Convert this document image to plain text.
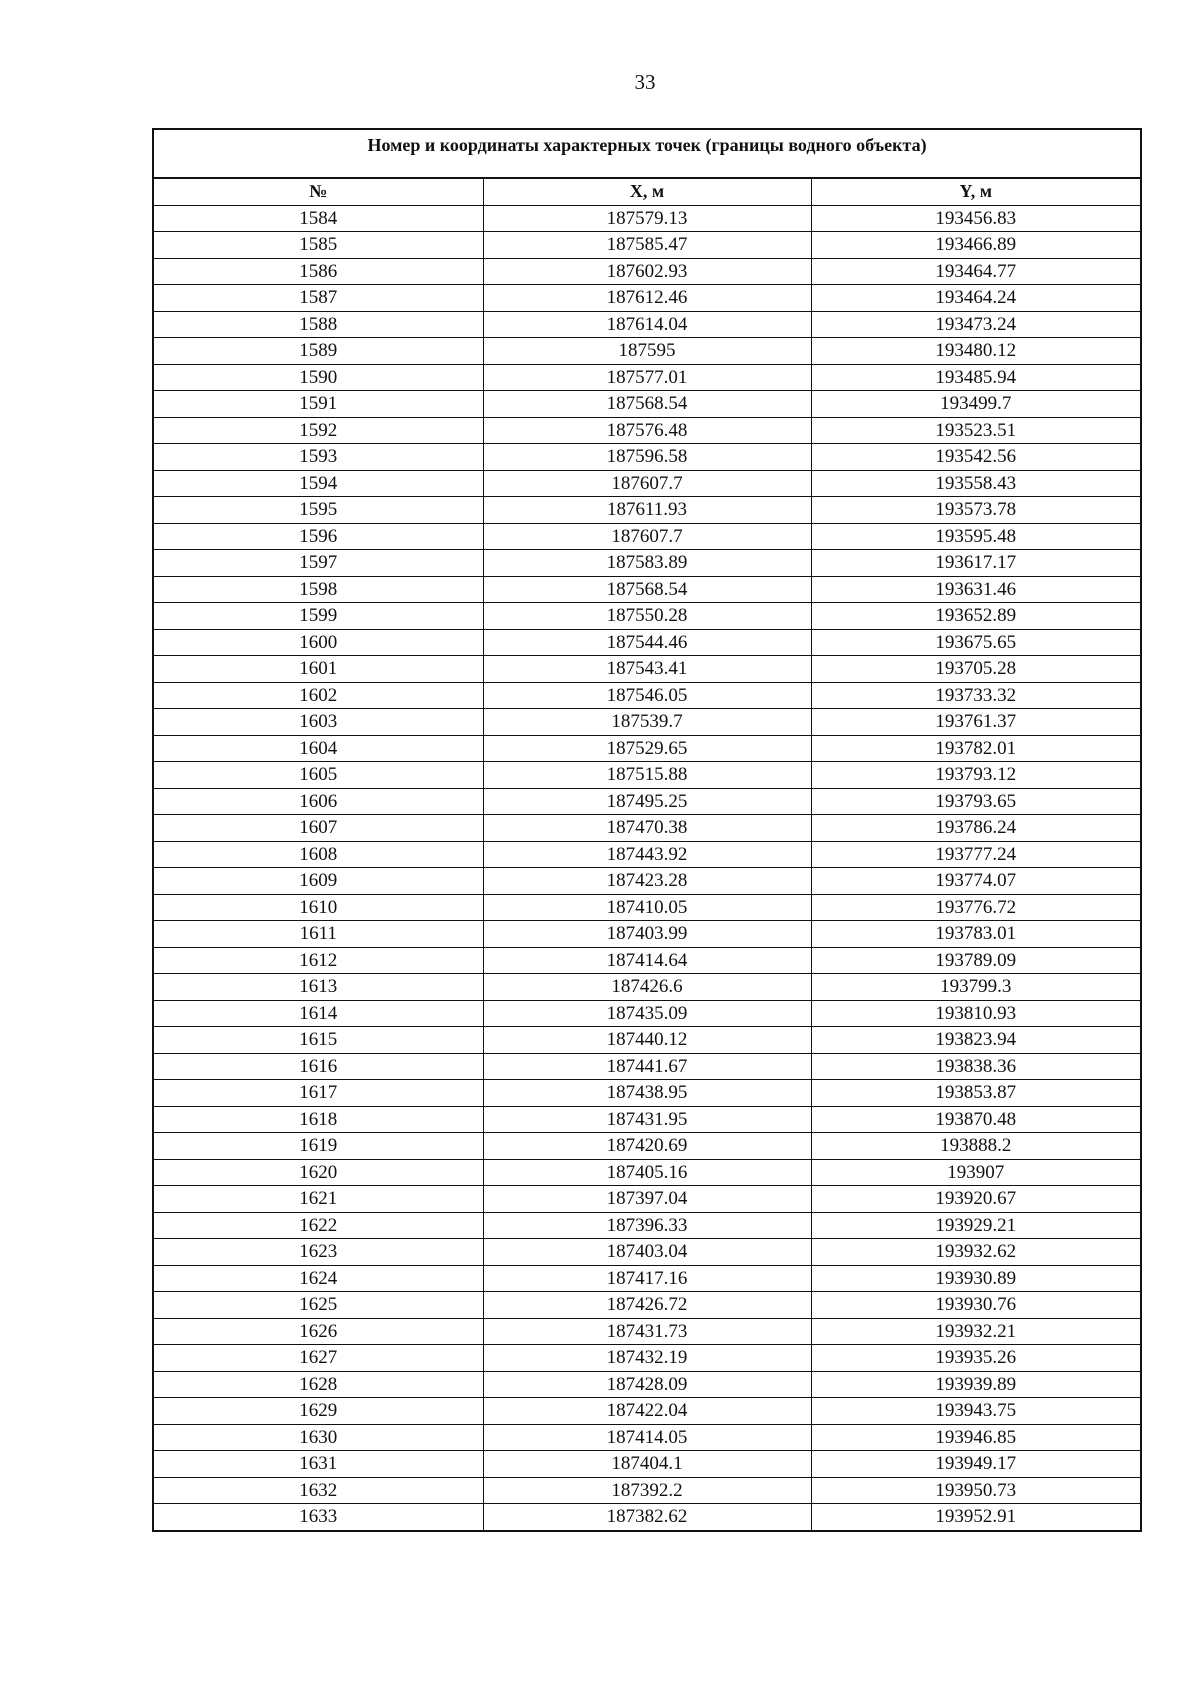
33
Номер и координаты характерных точек (границы водного объекта)
№	X, м	Y, м
1584	187579.13	193456.83
1585	187585.47	193466.89
1586	187602.93	193464.77
1587	187612.46	193464.24
1588	187614.04	193473.24
1589	187595	193480.12
1590	187577.01	193485.94
1591	187568.54	193499.7
1592	187576.48	193523.51
1593	187596.58	193542.56
1594	187607.7	193558.43
1595	187611.93	193573.78
1596	187607.7	193595.48
1597	187583.89	193617.17
1598	187568.54	193631.46
1599	187550.28	193652.89
1600	187544.46	193675.65
1601	187543.41	193705.28
1602	187546.05	193733.32
1603	187539.7	193761.37
1604	187529.65	193782.01
1605	187515.88	193793.12
1606	187495.25	193793.65
1607	187470.38	193786.24
1608	187443.92	193777.24
1609	187423.28	193774.07
1610	187410.05	193776.72
1611	187403.99	193783.01
1612	187414.64	193789.09
1613	187426.6	193799.3
1614	187435.09	193810.93
1615	187440.12	193823.94
1616	187441.67	193838.36
1617	187438.95	193853.87
1618	187431.95	193870.48
1619	187420.69	193888.2
1620	187405.16	193907
1621	187397.04	193920.67
1622	187396.33	193929.21
1623	187403.04	193932.62
1624	187417.16	193930.89
1625	187426.72	193930.76
1626	187431.73	193932.21
1627	187432.19	193935.26
1628	187428.09	193939.89
1629	187422.04	193943.75
1630	187414.05	193946.85
1631	187404.1	193949.17
1632	187392.2	193950.73
1633	187382.62	193952.91
